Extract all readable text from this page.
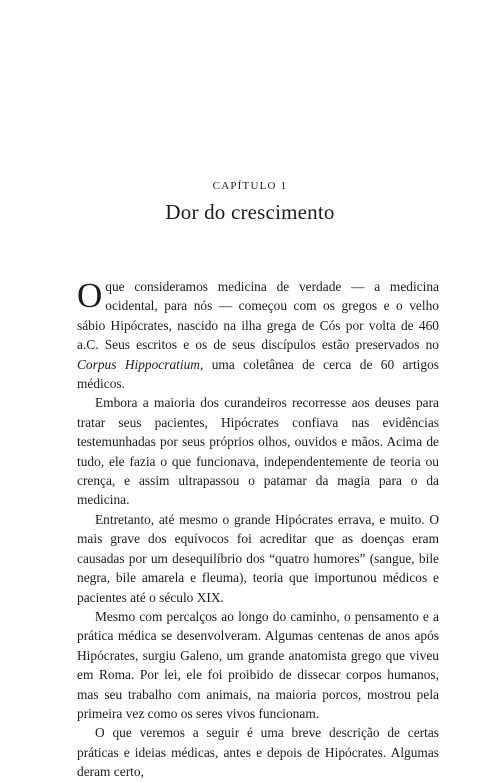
CAPÍTULO 1
Dor do crescimento

O que consideramos medicina de verdade — a medicina ocidental, para nós — começou com os gregos e o velho sábio Hipócrates, nascido na ilha grega de Cós por volta de 460 a.C. Seus escritos e os de seus discípulos estão preservados no Corpus Hippocratium, uma coletânea de cerca de 60 artigos médicos.

Embora a maioria dos curandeiros recorresse aos deuses para tratar seus pacientes, Hipócrates confiava nas evidências testemunhadas por seus próprios olhos, ouvidos e mãos. Acima de tudo, ele fazia o que funcionava, independentemente de teoria ou crença, e assim ultrapassou o patamar da magia para o da medicina.

Entretanto, até mesmo o grande Hipócrates errava, e muito. O mais grave dos equívocos foi acreditar que as doenças eram causadas por um desequilíbrio dos “quatro humores” (sangue, bile negra, bile amarela e fleuma), teoria que importunou médicos e pacientes até o século XIX.

Mesmo com percalços ao longo do caminho, o pensamento e a prática médica se desenvolveram. Algumas centenas de anos após Hipócrates, surgiu Galeno, um grande anatomista grego que viveu em Roma. Por lei, ele foi proibido de dissecar corpos humanos, mas seu trabalho com animais, na maioria porcos, mostrou pela primeira vez como os seres vivos funcionam.

O que veremos a seguir é uma breve descrição de certas práticas e ideias médicas, antes e depois de Hipócrates. Algumas deram certo,
